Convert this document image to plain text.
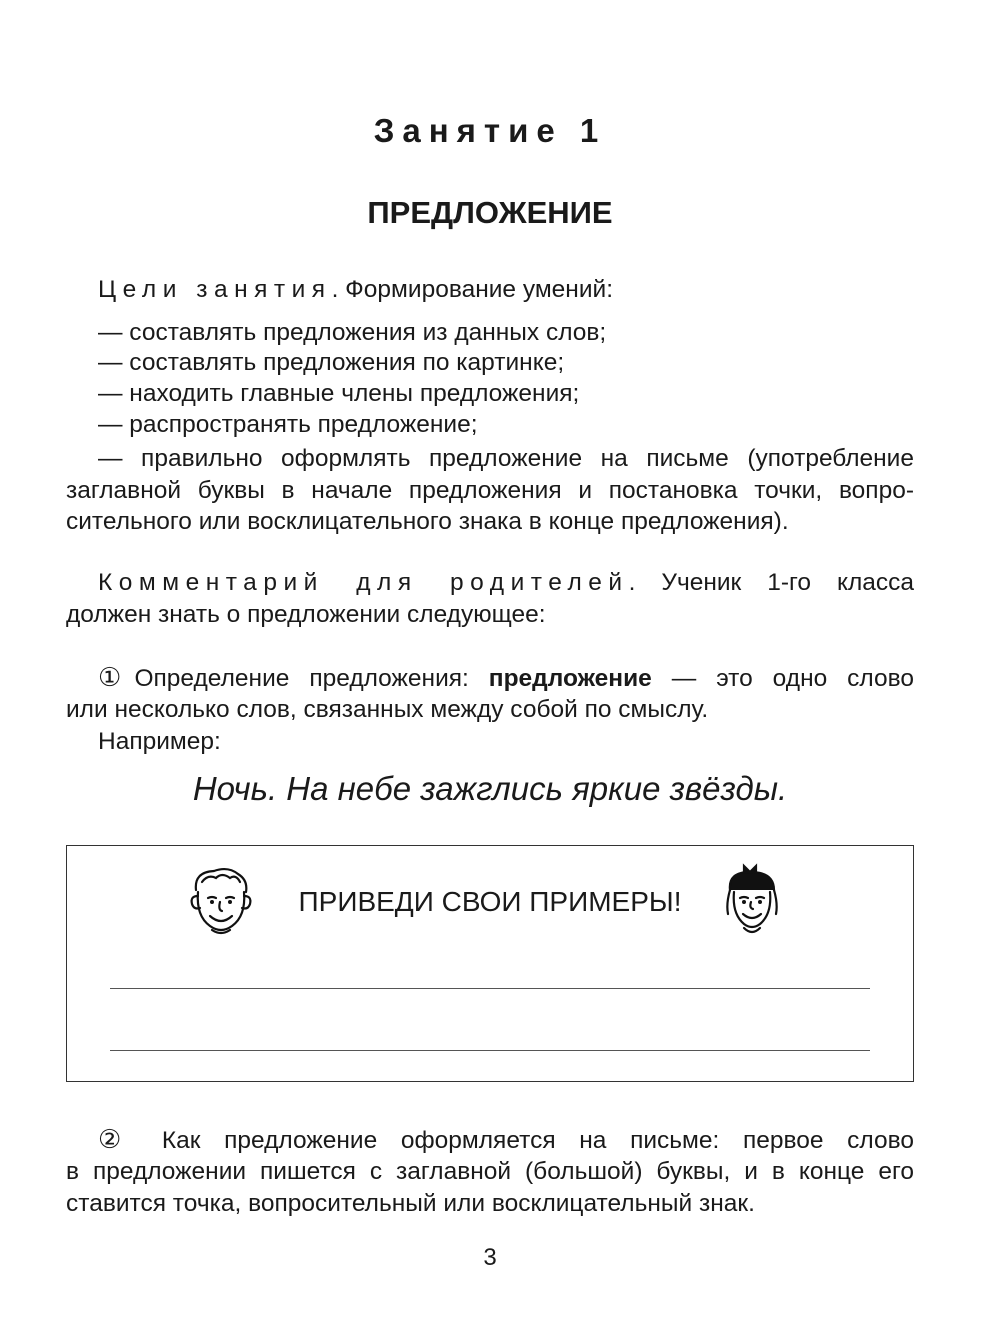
Занятие 1
ПРЕДЛОЖЕНИЕ
Цели занятия. Формирование умений:
— составлять предложения из данных слов;
— составлять предложения по картинке;
— находить главные члены предложения;
— распространять предложение;
— правильно оформлять предложение на письме (употребление
заглавной буквы в начале предложения и постановка точки, вопро-
сительного или восклицательного знака в конце предложения).
Комментарий для родителей. Ученик 1-го класса
должен знать о предложении следующее:
①Определение предложения: предложение — это одно слово
или несколько слов, связанных между собой по смыслу.
Например:
Ночь. На небе зажглись яркие звёзды.
ПРИВЕДИ СВОИ ПРИМЕРЫ!
② Как предложение оформляется на письме: первое слово
в предложении пишется с заглавной (большой) буквы, и в конце его
ставится точка, вопросительный или восклицательный знак.
3
